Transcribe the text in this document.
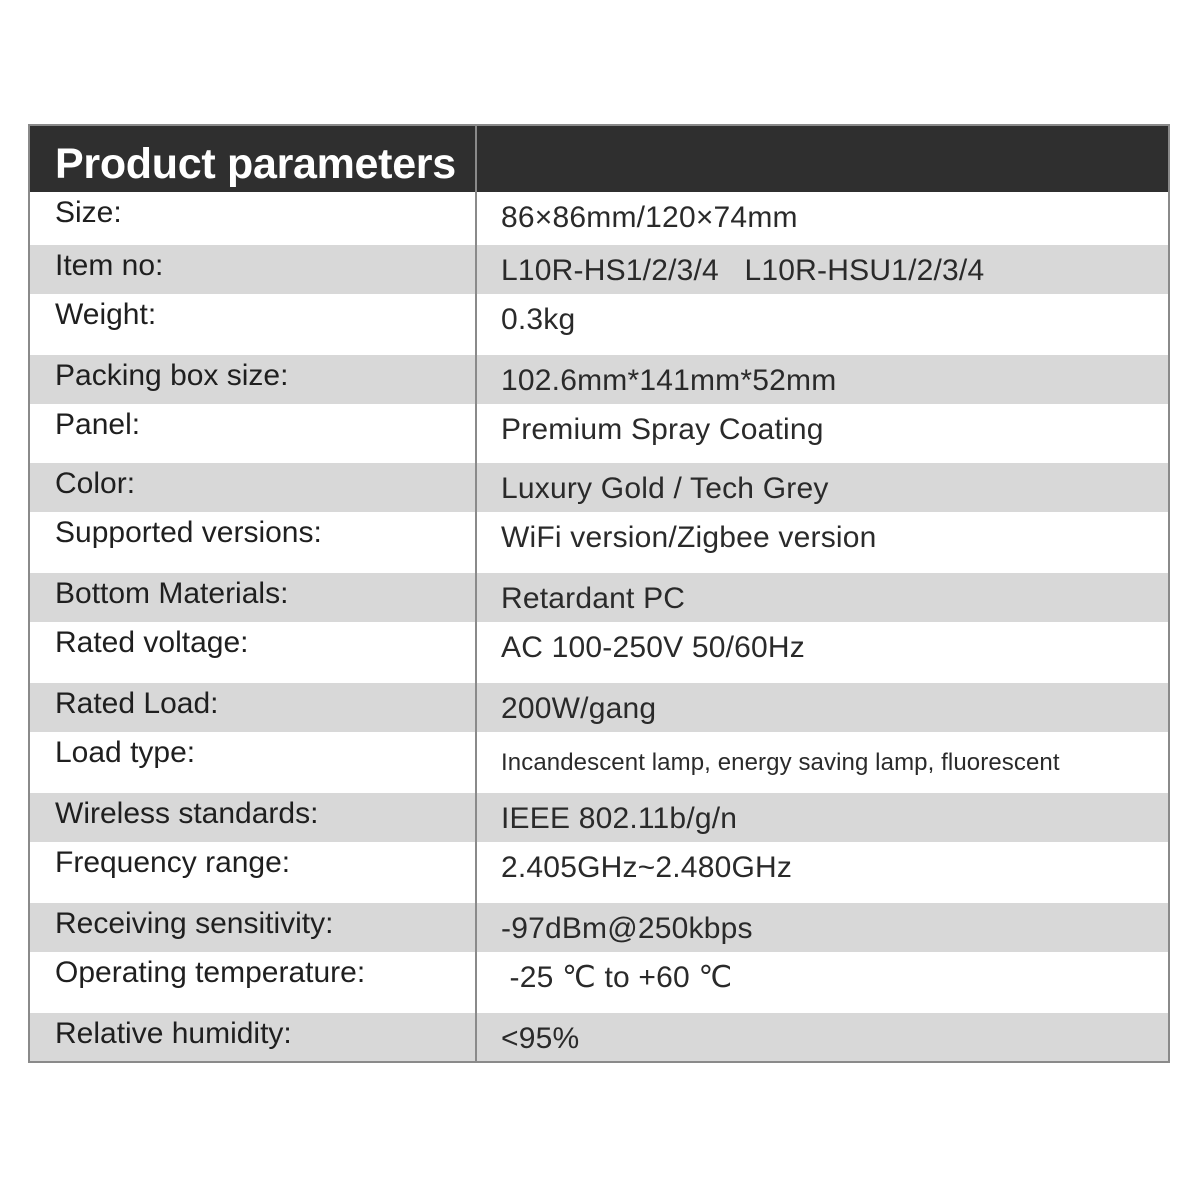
Product parameters
Size:	86×86mm/120×74mm
Item no:	L10R-HS1/2/3/4   L10R-HSU1/2/3/4
Weight:	0.3kg
Packing box size:	102.6mm*141mm*52mm
Panel:	Premium Spray Coating
Color:	Luxury Gold / Tech Grey
Supported versions:	WiFi version/Zigbee version
Bottom Materials:	Retardant PC
Rated voltage:	AC 100-250V 50/60Hz
Rated Load:	200W/gang
Load type:	Incandescent lamp, energy saving lamp, fluorescent
Wireless standards:	IEEE 802.11b/g/n
Frequency range:	2.405GHz~2.480GHz
Receiving sensitivity:	-97dBm@250kbps
Operating temperature:	-25 ℃ to +60 ℃
Relative humidity:	<95%
